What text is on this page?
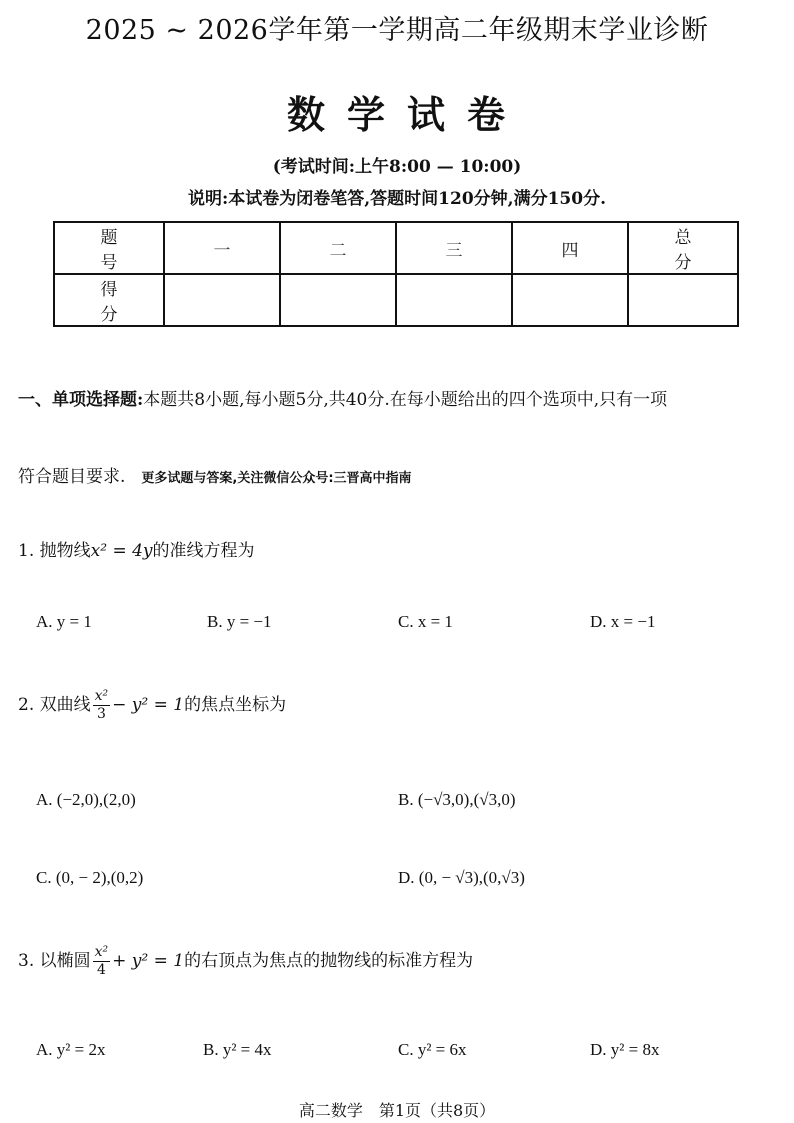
2025 ~ 2026学年第一学期高二年级期末学业诊断
数学试卷
(考试时间:上午8:00 — 10:00)
说明:本试卷为闭卷笔答,答题时间120分钟,满分150分.
题 号	一	二	三	四	总 分
得 分					
一、单项选择题:本题共8小题,每小题5分,共40分.在每小题给出的四个选项中,只有一项
符合题目要求. 更多试题与答案,关注微信公众号:三晋高中指南
1. 抛物线x² = 4y的准线方程为
A. y = 1	B. y = −1	C. x = 1	D. x = −1
2. 双曲线 $\frac{\text{x²}}{3} - y^2 = 1$的焦点坐标为
A. (−2,0),(2,0)	B. (−√3,0),(√3,0)
C. (0, − 2),(0,2)	D. (0, − √3),(0,√3)
3. 以椭圆 $\frac{\text{x²}}{4} + y^2 = 1$的右顶点为焦点的抛物线的标准方程为
A. y² = 2x	B. y² = 4x	C. y² = 6x	D. y² = 8x
高二数学　第1页（共8页）
